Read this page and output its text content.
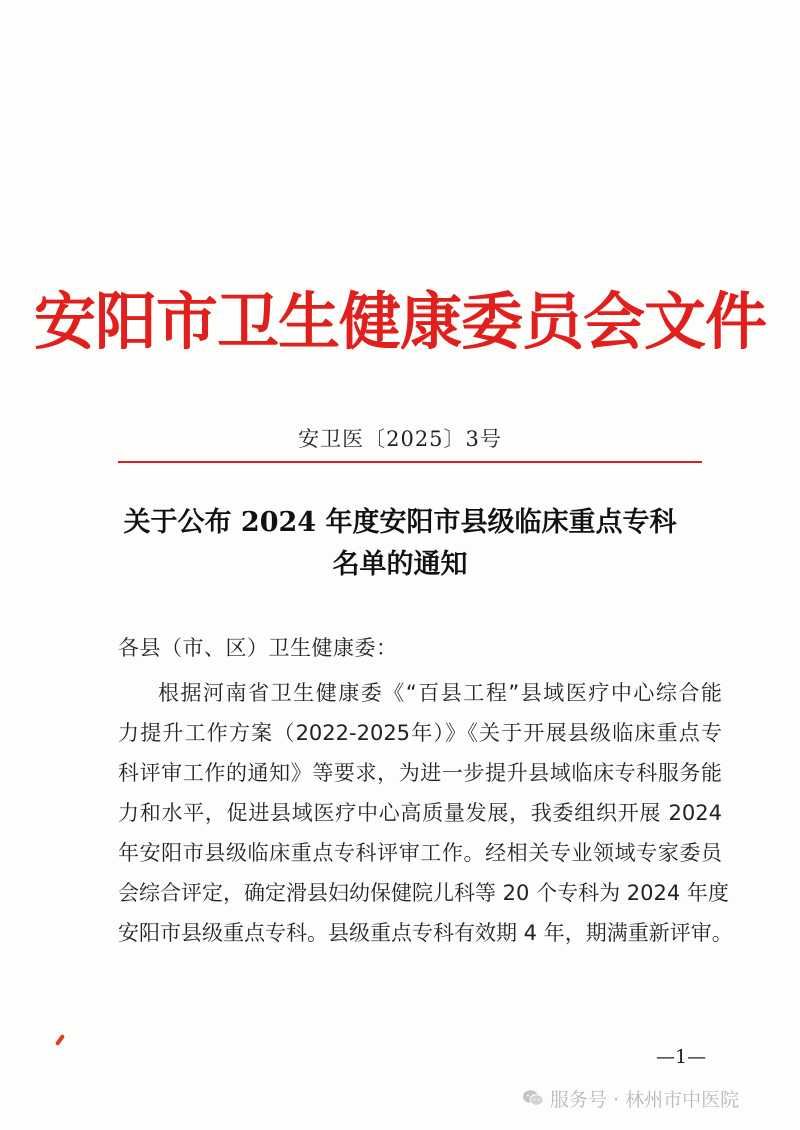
安阳市卫生健康委员会文件
安卫医〔2025〕3号
关于公布 2024 年度安阳市县级临床重点专科
名单的通知
各县（市、区）卫生健康委：
根据河南省卫生健康委《“百县工程”县域医疗中心综合能
力提升工作方案（2022-2025年）》《关于开展县级临床重点专
科评审工作的通知》等要求，为进一步提升县域临床专科服务能
力和水平，促进县域医疗中心高质量发展，我委组织开展 2024
年安阳市县级临床重点专科评审工作。经相关专业领域专家委员
会综合评定，确定滑县妇幼保健院儿科等 20 个专科为 2024 年度
安阳市县级重点专科。县级重点专科有效期 4 年，期满重新评审。
—1—
服务号 · 林州市中医院
